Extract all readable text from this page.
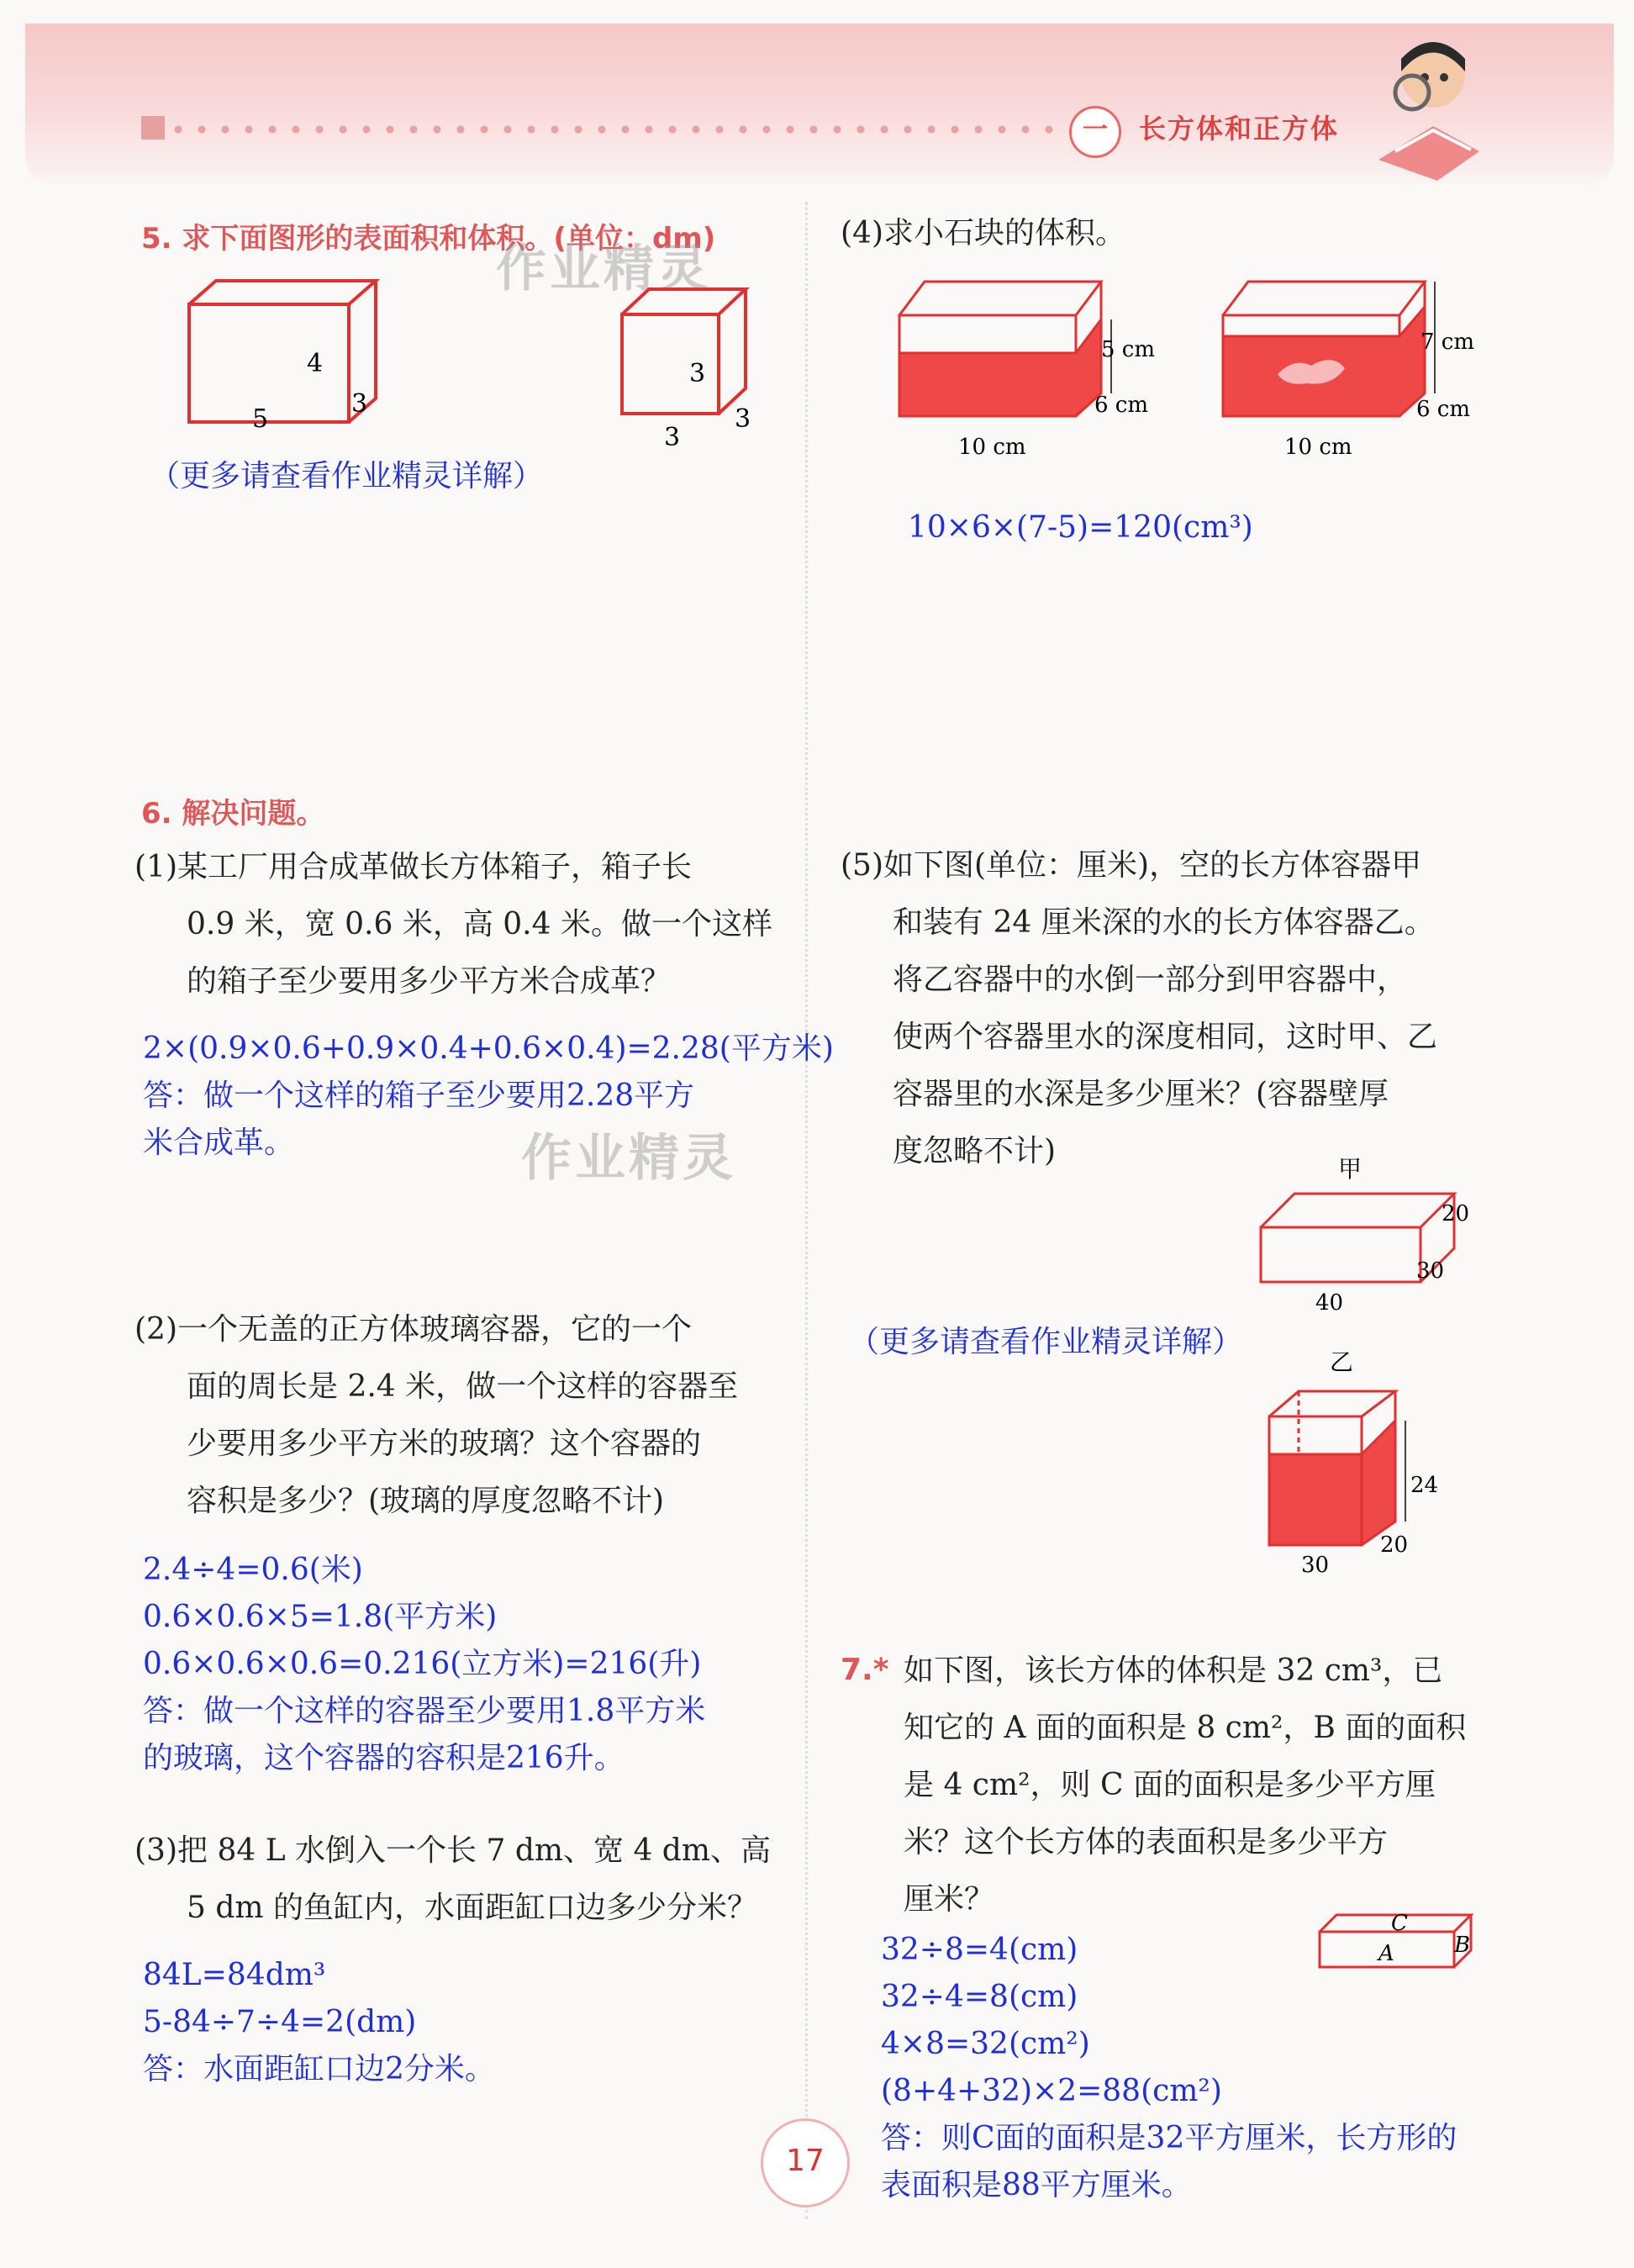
一	长方体和正方体
5. 求下面图形的表面积和体积。(单位：dm)
作业精灵
4
5
3
3
3
3
（更多请查看作业精灵详解）
6. 解决问题。
(1)某工厂用合成革做长方体箱子，箱子长
0.9 米，宽 0.6 米，高 0.4 米。做一个这样
的箱子至少要用多少平方米合成革？
2×(0.9×0.6+0.9×0.4+0.6×0.4)=2.28(平方米)
答：做一个这样的箱子至少要用2.28平方
米合成革。	作业精灵
(2)一个无盖的正方体玻璃容器，它的一个
面的周长是 2.4 米，做一个这样的容器至
少要用多少平方米的玻璃？这个容器的
容积是多少？(玻璃的厚度忽略不计)
2.4÷4=0.6(米)
0.6×0.6×5=1.8(平方米)
0.6×0.6×0.6=0.216(立方米)=216(升)
答：做一个这样的容器至少要用1.8平方米
的玻璃，这个容器的容积是216升。
(3)把 84 L 水倒入一个长 7 dm、宽 4 dm、高
5 dm 的鱼缸内，水面距缸口边多少分米？
84L=84dm³
5-84÷7÷4=2(dm)
答：水面距缸口边2分米。
(4)求小石块的体积。
5 cm
6 cm
10 cm
7 cm
6 cm
10 cm
10×6×(7-5)=120(cm³)
(5)如下图(单位：厘米)，空的长方体容器甲
和装有 24 厘米深的水的长方体容器乙。
将乙容器中的水倒一部分到甲容器中，
使两个容器里水的深度相同，这时甲、乙
容器里的水深是多少厘米？(容器壁厚
度忽略不计)
甲
20
30
40
（更多请查看作业精灵详解）
乙
24
20
30
7.* 如下图，该长方体的体积是 32 cm³，已
知它的 A 面的面积是 8 cm²，B 面的面积
是 4 cm²，则 C 面的面积是多少平方厘
米？这个长方体的表面积是多少平方
厘米？
A	B
C
32÷8=4(cm)
32÷4=8(cm)
4×8=32(cm²)
(8+4+32)×2=88(cm²)
答：则C面的面积是32平方厘米，长方形的
表面积是88平方厘米。
17
